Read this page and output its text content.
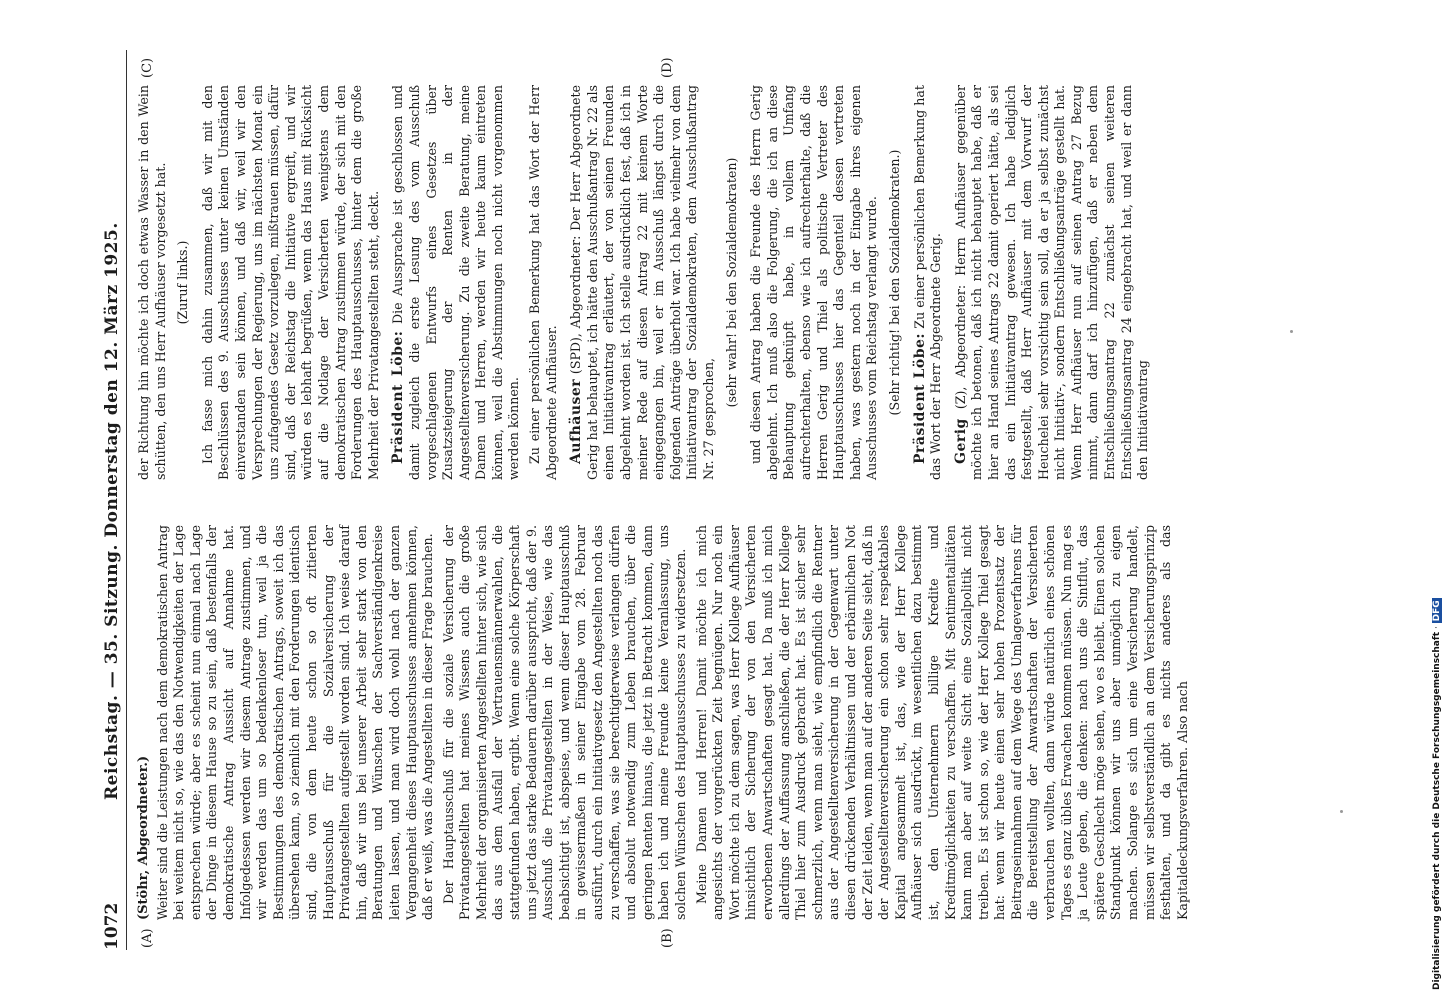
1072
Reichstag. — 35. Sitzung. Donnerstag den 12. März 1925.
(A)	(B)
(C)	(D)
(Stöhr, Abgeordneter.) Weiter sind die Leistungen nach dem demokratischen Antrag bei weitem nicht so, wie das den Notwendigkeiten der Lage entsprechen würde; aber es scheint nun einmal nach Lage der Dinge in diesem Hause so zu sein, daß bestenfalls der demokratische Antrag Aussicht auf Annahme hat. Infolgedessen werden wir diesem Antrage zustimmen, und wir werden das um so bedenkenloser tun, weil ja die Bestimmungen des demokratischen Antrags, soweit ich das übersehen kann, so ziemlich mit den Forderungen identisch sind, die von dem heute schon so oft zitierten Hauptausschuß für die Sozialversicherung der Privatangestellten aufgestellt worden sind. Ich weise darauf hin, daß wir uns bei unserer Arbeit sehr stark von den Beratungen und Wünschen der Sachverständigenkreise leiten lassen, und man wird doch wohl nach der ganzen Vergangenheit dieses Hauptausschusses annehmen können, daß er weiß, was die Angestellten in dieser Frage brauchen. Der Hauptausschuß für die soziale Versicherung der Privatangestellten hat meines Wissens auch die große Mehrheit der organisierten Angestellten hinter sich, wie sich das aus dem Ausfall der Vertrauensmännerwahlen, die stattgefunden haben, ergibt. Wenn eine solche Körperschaft uns jetzt das starke Bedauern darüber ausspricht, daß der 9. Ausschuß die Privatangestellten in der Weise, wie das beabsichtigt ist, abspeise, und wenn dieser Hauptausschuß in gewissermaßen in seiner Eingabe vom 28. Februar ausführt, durch ein Initiativgesetz den Angestellten noch das zu verschaffen, was sie berechtigterweise verlangen dürfen und absolut notwendig zum Leben brauchen, über die geringen Renten hinaus, die jetzt in Betracht kommen, dann haben ich und meine Freunde keine Veranlassung, uns solchen Wünschen des Hauptausschusses zu widersetzen. Meine Damen und Herren! Damit möchte ich mich angesichts der vorgerückten Zeit begnügen. Nur noch ein Wort möchte ich zu dem sagen, was Herr Kollege Aufhäuser hinsichtlich der Sicherung der von den Versicherten erworbenen Anwartschaften gesagt hat. Da muß ich mich allerdings der Auffassung anschließen, die der Herr Kollege Thiel hier zum Ausdruck gebracht hat. Es ist sicher sehr schmerzlich, wenn man sieht, wie empfindlich die Rentner aus der Angestelltenversicherung in der Gegenwart unter diesen drückenden Verhältnissen und der erbärmlichen Not der Zeit leiden, wenn man auf der anderen Seite sieht, daß in der Angestelltenversicherung ein schon sehr respektables Kapital angesammelt ist, das, wie der Herr Kollege Aufhäuser sich ausdrückt, im wesentlichen dazu bestimmt ist, den Unternehmern billige Kredite und Kreditmöglichkeiten zu verschaffen. Mit Sentimentalitäten kann man aber auf weite Sicht eine Sozialpolitik nicht treiben. Es ist schon so, wie der Herr Kollege Thiel gesagt hat: wenn wir heute einen sehr hohen Prozentsatz der Beitragseinnahmen auf dem Wege des Umlageverfahrens für die Bereitstellung der Anwartschaften der Versicherten verbrauchen wollten, dann würde natürlich eines schönen Tages es ganz übles Erwachen kommen müssen. Nun mag es ja Leute geben, die denken: nach uns die Sintflut, das spätere Geschlecht möge sehen, wo es bleibt. Einen solchen Standpunkt können wir uns aber unmöglich zu eigen machen. Solange es sich um eine Versicherung handelt, müssen wir selbstverständlich an dem Versicherungsprinzip festhalten, und da gibt es nichts anderes als das Kapitaldeckungsverfahren. Also nach

der Richtung hin möchte ich doch etwas Wasser in den Wein schütten, den uns Herr Aufhäuser vorgesetzt hat. (Zuruf links.) Ich fasse mich dahin zusammen, daß wir mit den Beschlüssen des 9. Ausschusses unter keinen Umständen einverstanden sein können, und daß wir, weil wir den Versprechungen der Regierung, uns im nächsten Monat ein uns zufagendes Gesetz vorzulegen, mißtrauen müssen, dafür sind, daß der Reichstag die Initiative ergreift, und wir würden es lebhaft begrüßen, wenn das Haus mit Rücksicht auf die Notlage der Versicherten wenigstens dem demokratischen Antrag zustimmen würde, der sich mit den Forderungen des Hauptausschusses, hinter dem die große Mehrheit der Privatangestellten steht, deckt. Präsident Löbe: Die Aussprache ist geschlossen und damit zugleich die erste Lesung des vom Ausschuß vorgeschlagenen Entwurfs eines Gesetzes über Zusatzsteigerung der Renten in der Angestelltenversicherung. Zu die zweite Beratung, meine Damen und Herren, werden wir heute kaum eintreten können, weil die Abstimmungen noch nicht vorgenommen werden können. Zu einer persönlichen Bemerkung hat das Wort der Herr Abgeordnete Aufhäuser. Aufhäuser (SPD), Abgeordneter: Der Herr Abgeordnete Gerig hat behauptet, ich hätte den Ausschußantrag Nr. 22 als einen Initiativantrag erläutert, der von seinen Freunden abgelehnt worden ist. Ich stelle ausdrücklich fest, daß ich in meiner Rede auf diesen Antrag 22 mit keinem Worte eingegangen bin, weil er im Ausschuß längst durch die folgenden Anträge überholt war. Ich habe vielmehr von dem Initiativantrag der Sozialdemokraten, dem Ausschußantrag Nr. 27 gesprochen,

(sehr wahr! bei den Sozialdemokraten) und diesen Antrag haben die Freunde des Herrn Gerig abgelehnt. Ich muß also die Folgerung, die ich an diese Behauptung geknüpft habe, in vollem Umfang aufrechterhalten, ebenso wie ich aufrechterhalte, daß die Herren Gerig und Thiel als politische Vertreter des Hauptausschusses hier das Gegenteil dessen vertreten haben, was gestern noch in der Eingabe ihres eigenen Ausschusses vom Reichstag verlangt wurde. (Sehr richtig! bei den Sozialdemokraten.) Präsident Löbe: Zu einer persönlichen Bemerkung hat das Wort der Herr Abgeordnete Gerig. Gerig (Z), Abgeordneter: Herrn Aufhäuser gegenüber möchte ich betonen, daß ich nicht behauptet habe, daß er hier an Hand seines Antrags 22 damit operiert hätte, als sei das ein Initiativantrag gewesen. Ich habe lediglich festgestellt, daß Herr Aufhäuser mit dem Vorwurf der Heuchelei sehr vorsichtig sein soll, da er ja selbst zunächst nicht Initiativ-, sondern Entschließungsanträge gestellt hat. Wenn Herr Aufhäuser nun auf seinen Antrag 27 Bezug nimmt, dann darf ich hinzufügen, daß er neben dem Entschließungsantrag 22 zunächst seinen weiteren Entschließungsantrag 24 eingebracht hat, und weil er dann den Initiativantrag

Digitalisierung gefördert durch die Deutsche Forschungsgemeinschaft · DFG
